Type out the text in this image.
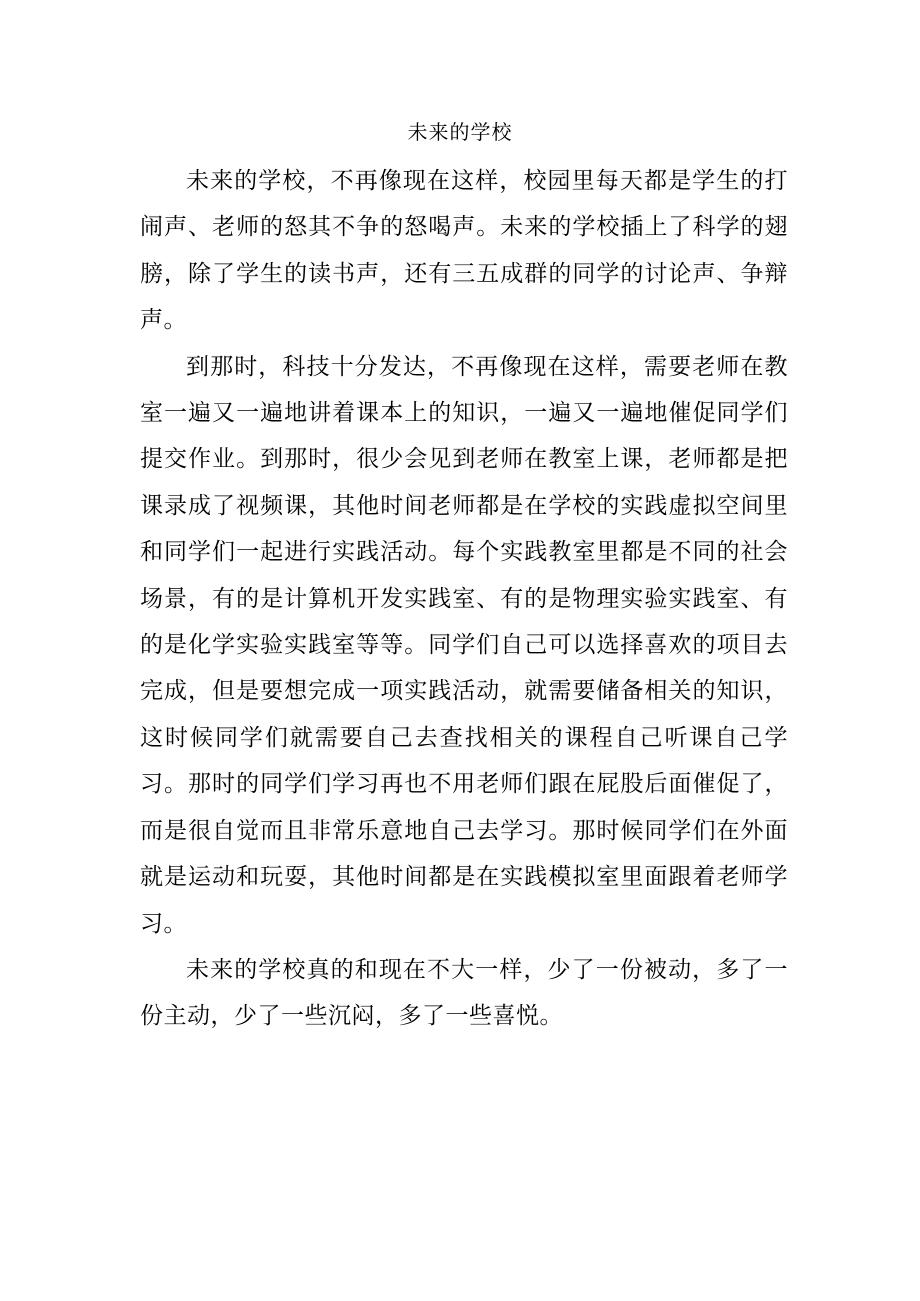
未来的学校

未来的学校，不再像现在这样，校园里每天都是学生的打闹声、老师的怒其不争的怒喝声。未来的学校插上了科学的翅膀，除了学生的读书声，还有三五成群的同学的讨论声、争辩声。

到那时，科技十分发达，不再像现在这样，需要老师在教室一遍又一遍地讲着课本上的知识，一遍又一遍地催促同学们提交作业。到那时，很少会见到老师在教室上课，老师都是把课录成了视频课，其他时间老师都是在学校的实践虚拟空间里和同学们一起进行实践活动。每个实践教室里都是不同的社会场景，有的是计算机开发实践室、有的是物理实验实践室、有的是化学实验实践室等等。同学们自己可以选择喜欢的项目去完成，但是要想完成一项实践活动，就需要储备相关的知识，这时候同学们就需要自己去查找相关的课程自己听课自己学习。那时的同学们学习再也不用老师们跟在屁股后面催促了，而是很自觉而且非常乐意地自己去学习。那时候同学们在外面就是运动和玩耍，其他时间都是在实践模拟室里面跟着老师学习。

未来的学校真的和现在不大一样，少了一份被动，多了一份主动，少了一些沉闷，多了一些喜悦。
